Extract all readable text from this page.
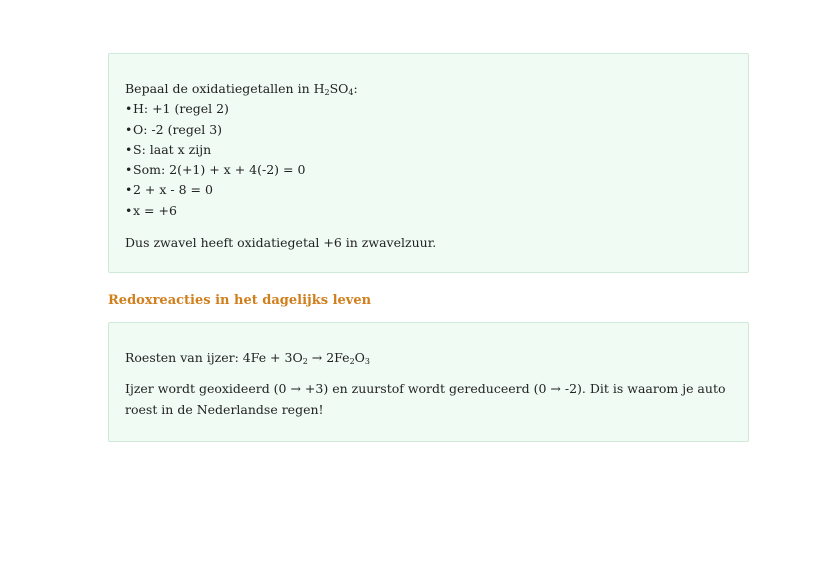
Bepaal de oxidatiegetallen in $H_2SO_4$:
•H: +1 (regel 2)
•O: -2 (regel 3)
•S: laat x zijn
•Som: 2(+1) + x + 4(-2) = 0
•2 + x - 8 = 0
•x = +6
Dus zwavel heeft oxidatiegetal +6 in zwavelzuur.
Redoxreacties in het dagelijks leven
Roesten van ijzer: $4Fe + 3O_2 \to 2Fe_2O_3$
Ijzer wordt geoxideerd (0 → +3) en zuurstof wordt gereduceerd (0 → -2). Dit is waarom je auto roest in de Nederlandse regen!
